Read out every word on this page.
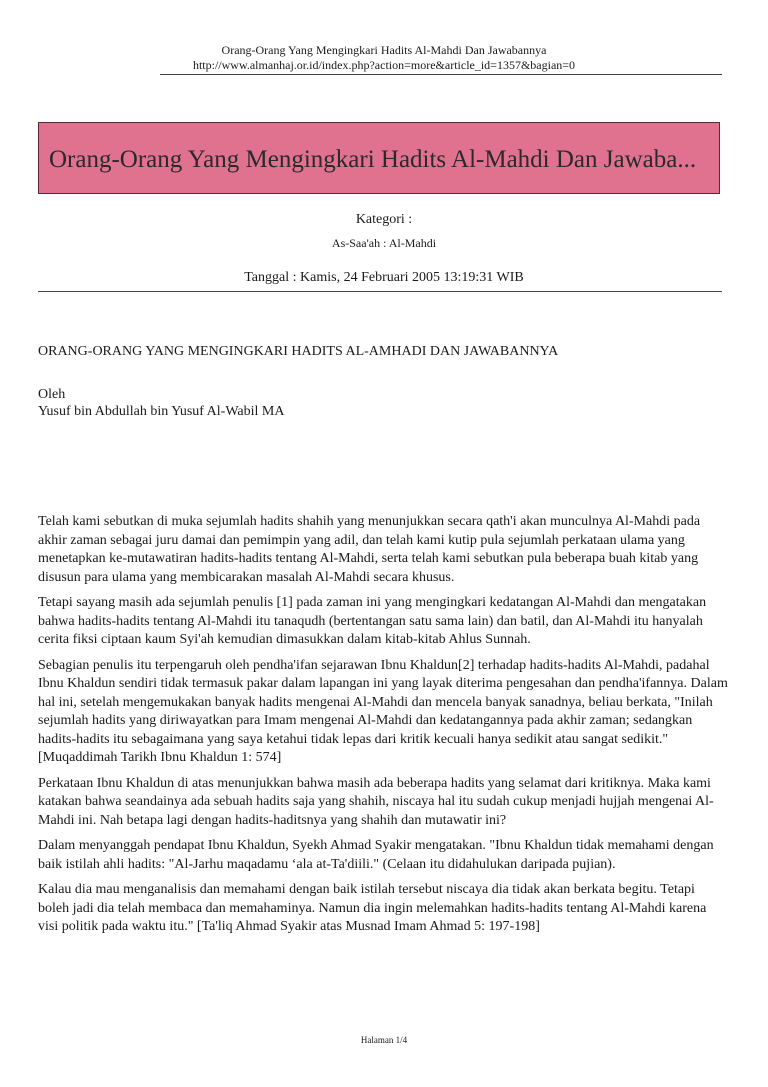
Orang-Orang Yang Mengingkari Hadits Al-Mahdi Dan Jawabannya
http://www.almanhaj.or.id/index.php?action=more&article_id=1357&bagian=0
Orang-Orang Yang Mengingkari Hadits Al-Mahdi Dan Jawaba...
Kategori :
As-Saa'ah : Al-Mahdi
Tanggal : Kamis, 24 Februari 2005 13:19:31 WIB
ORANG-ORANG YANG MENGINGKARI HADITS AL-AMHADI DAN JAWABANNYA
Oleh
Yusuf bin Abdullah bin Yusuf Al-Wabil MA

Telah kami sebutkan di muka sejumlah hadits shahih yang menunjukkan secara qath'i akan munculnya Al-Mahdi pada akhir zaman sebagai juru damai dan pemimpin yang adil, dan telah kami kutip pula sejumlah perkataan ulama yang menetapkan ke-mutawatiran hadits-hadits tentang Al-Mahdi, serta telah kami sebutkan pula beberapa buah kitab yang disusun para ulama yang membicarakan masalah Al-Mahdi secara khusus.

Tetapi sayang masih ada sejumlah penulis [1] pada zaman ini yang mengingkari kedatangan Al-Mahdi dan mengatakan bahwa hadits-hadits tentang Al-Mahdi itu tanaqudh (bertentangan satu sama lain) dan batil, dan Al-Mahdi itu hanyalah cerita fiksi ciptaan kaum Syi'ah kemudian dimasukkan dalam kitab-kitab Ahlus Sunnah.

Sebagian penulis itu terpengaruh oleh pendha'ifan sejarawan Ibnu Khaldun[2] terhadap hadits-hadits Al-Mahdi, padahal Ibnu Khaldun sendiri tidak termasuk pakar dalam lapangan ini yang layak diterima pengesahan dan pendha'ifannya. Dalam hal ini, setelah mengemukakan banyak hadits mengenai Al-Mahdi dan mencela banyak sanadnya, beliau berkata, "Inilah sejumlah hadits yang diriwayatkan para Imam mengenai Al-Mahdi dan kedatangannya pada akhir zaman; sedangkan hadits-hadits itu sebagaimana yang saya ketahui tidak lepas dari kritik kecuali hanya sedikit atau sangat sedikit." [Muqaddimah Tarikh Ibnu Khaldun 1: 574]

Perkataan Ibnu Khaldun di atas menunjukkan bahwa masih ada beberapa hadits yang selamat dari kritiknya. Maka kami katakan bahwa seandainya ada sebuah hadits saja yang shahih, niscaya hal itu sudah cukup menjadi hujjah mengenai Al-Mahdi ini. Nah betapa lagi dengan hadits-haditsnya yang shahih dan mutawatir ini?

Dalam menyanggah pendapat Ibnu Khaldun, Syekh Ahmad Syakir mengatakan. "Ibnu Khaldun tidak memahami dengan baik istilah ahli hadits: "Al-Jarhu maqadamu ‘ala at-Ta'diili." (Celaan itu didahulukan daripada pujian).

Kalau dia mau menganalisis dan memahami dengan baik istilah tersebut niscaya dia tidak akan berkata begitu. Tetapi boleh jadi dia telah membaca dan memahaminya. Namun dia ingin melemahkan hadits-hadits tentang Al-Mahdi karena visi politik pada waktu itu." [Ta'liq Ahmad Syakir atas Musnad Imam Ahmad 5: 197-198]

Halaman 1/4
